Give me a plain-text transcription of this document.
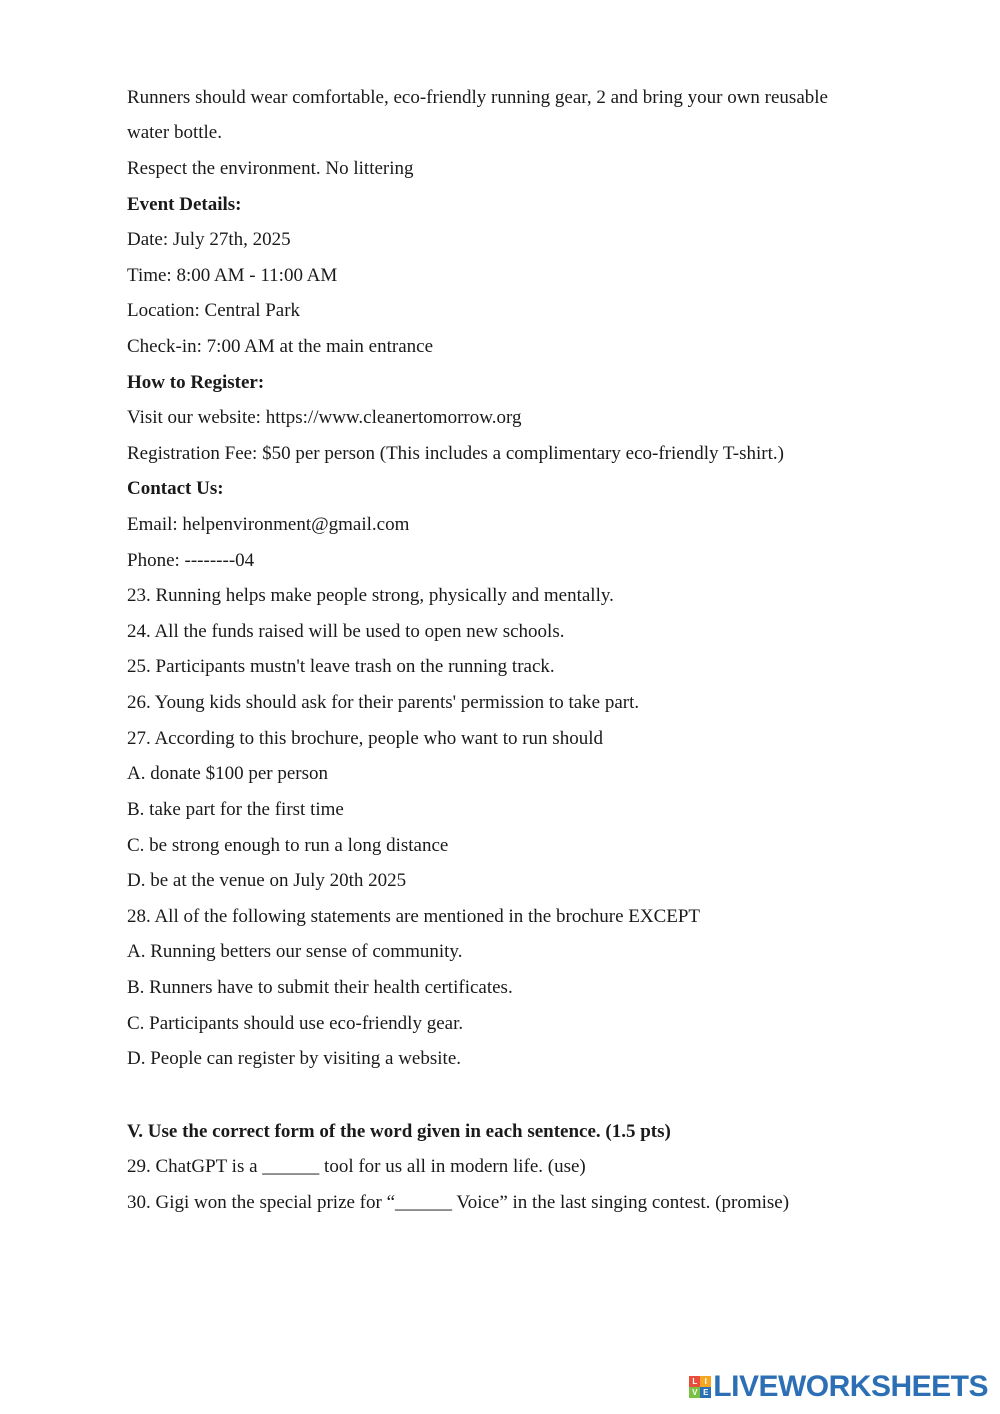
Runners should wear comfortable, eco-friendly running gear, 2 and bring your own reusable
water bottle.
Respect the environment. No littering
Event Details:
Date: July 27th, 2025
Time: 8:00 AM - 11:00 AM
Location: Central Park
Check-in: 7:00 AM at the main entrance
How to Register:
Visit our website: https://www.cleanertomorrow.org
Registration Fee: $50 per person (This includes a complimentary eco-friendly T-shirt.)
Contact Us:
Email: helpenvironment@gmail.com
Phone: --------04
23. Running helps make people strong, physically and mentally.
24. All the funds raised will be used to open new schools.
25. Participants mustn't leave trash on the running track.
26. Young kids should ask for their parents' permission to take part.
27. According to this brochure, people who want to run should
A. donate $100 per person
B. take part for the first time
C. be strong enough to run a long distance
D. be at the venue on July 20th 2025
28. All of the following statements are mentioned in the brochure EXCEPT
A. Running betters our sense of community.
B. Runners have to submit their health certificates.
C. Participants should use eco-friendly gear.
D. People can register by visiting a website.
V. Use the correct form of the word given in each sentence. (1.5 pts)
29. ChatGPT is a ______ tool for us all in modern life. (use)
30. Gigi won the special prize for “______ Voice” in the last singing contest. (promise)
L I
V E LIVEWORKSHEETS
